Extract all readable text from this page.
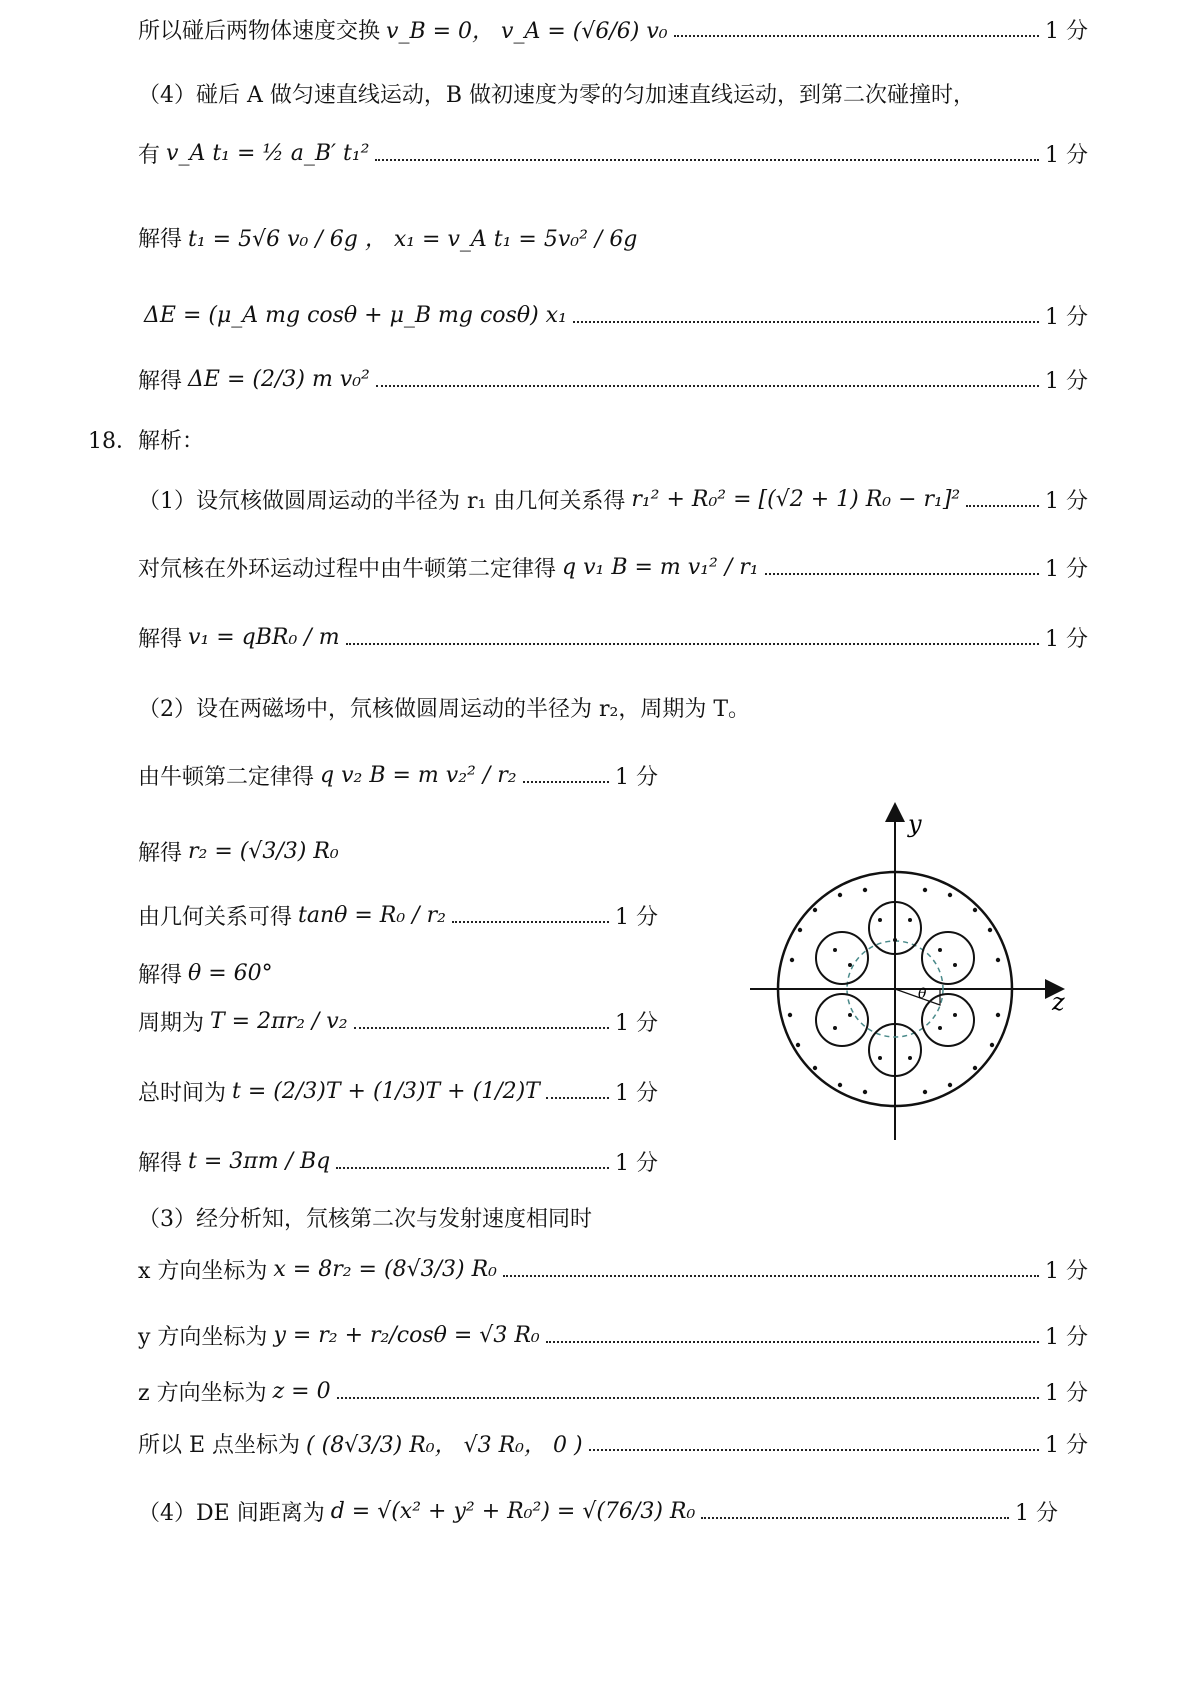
所以碰后两物体速度交换 v_B = 0， v_A = (√6/6) v₀	1 分
（4）碰后 A 做匀速直线运动，B 做初速度为零的匀加速直线运动，到第二次碰撞时，
有 v_A t₁ = ½ a_B′ t₁²	1 分
解得 t₁ = 5√6 v₀ / 6g ， x₁ = v_A t₁ = 5v₀² / 6g
ΔE = (μ_A mg cosθ + μ_B mg cosθ) x₁	1 分
解得 ΔE = (2/3) m v₀²	1 分
18．解析：
（1）设氘核做圆周运动的半径为 r₁ 由几何关系得 r₁² + R₀² = [(√2 + 1) R₀ − r₁]²	1 分
对氘核在外环运动过程中由牛顿第二定律得 q v₁ B = m v₁² / r₁	1 分
解得 v₁ = qBR₀ / m	1 分
（2）设在两磁场中，氘核做圆周运动的半径为 r₂，周期为 T。
由牛顿第二定律得 q v₂ B = m v₂² / r₂	1 分
解得 r₂ = (√3/3) R₀
由几何关系可得 tanθ = R₀ / r₂	1 分
解得 θ = 60°
周期为 T = 2πr₂ / v₂	1 分
总时间为 t = (2/3)T + (1/3)T + (1/2)T	1 分
解得 t = 3πm / Bq	1 分
（3）经分析知，氘核第二次与发射速度相同时
x 方向坐标为 x = 8r₂ = (8√3/3) R₀	1 分
y 方向坐标为 y = r₂ + r₂/cosθ = √3 R₀	1 分
z 方向坐标为 z = 0	1 分
所以 E 点坐标为 ( (8√3/3) R₀， √3 R₀， 0 )	1 分
（4）DE 间距离为 d = √(x² + y² + R₀²) = √(76/3) R₀	1 分
y
z
θ
